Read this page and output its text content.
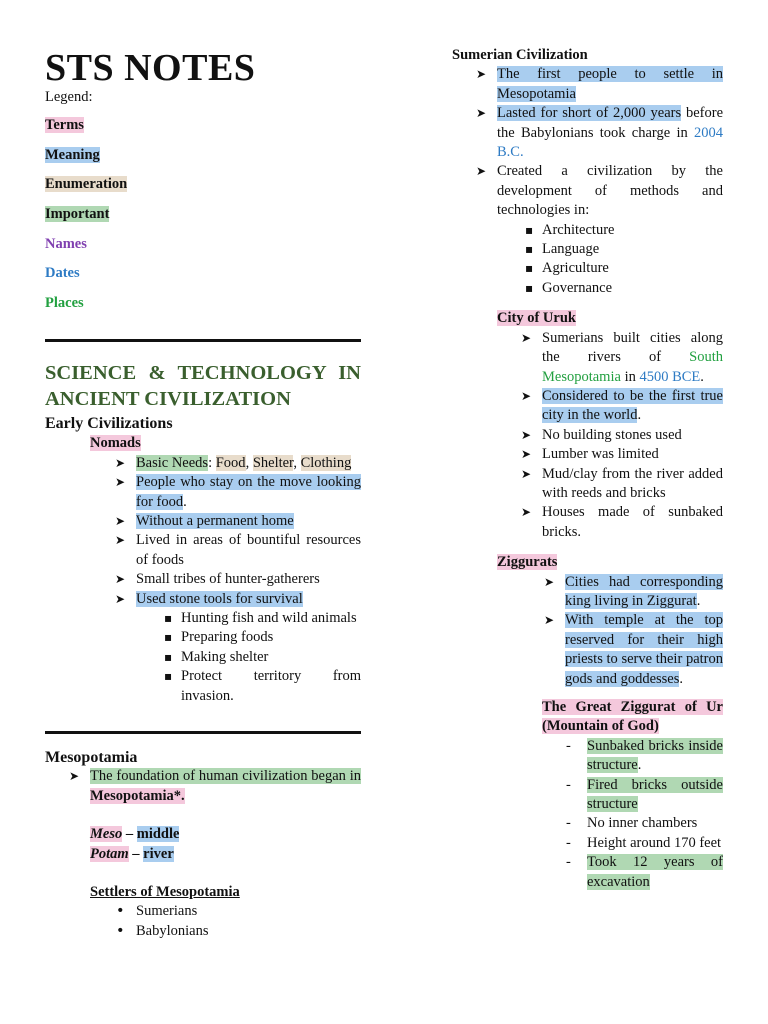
STS NOTES
Legend:
Terms
Meaning
Enumeration
Important
Names
Dates
Places
SCIENCE & TECHNOLOGY IN ANCIENT CIVILIZATION
Early Civilizations
Nomads
➤ Basic Needs: Food, Shelter, Clothing
➤ People who stay on the move looking for food.
➤ Without a permanent home
➤ Lived in areas of bountiful resources of foods
➤ Small tribes of hunter-gatherers
➤ Used stone tools for survival
▪ Hunting fish and wild animals
▪ Preparing foods
▪ Making shelter
▪ Protect territory from invasion.
Mesopotamia
➤ The foundation of human civilization began in Mesopotamia*.
Meso – middle
Potam – river
Settlers of Mesopotamia
• Sumerians
• Babylonians
Sumerian Civilization
➤ The first people to settle in Mesopotamia
➤ Lasted for short of 2,000 years before the Babylonians took charge in 2004 B.C.
➤ Created a civilization by the development of methods and technologies in:
▪ Architecture
▪ Language
▪ Agriculture
▪ Governance
City of Uruk
➤ Sumerians built cities along the rivers of South Mesopotamia in 4500 BCE.
➤ Considered to be the first true city in the world.
➤ No building stones used
➤ Lumber was limited
➤ Mud/clay from the river added with reeds and bricks
➤ Houses made of sunbaked bricks.
Ziggurats
➤ Cities had corresponding king living in Ziggurat.
➤ With temple at the top reserved for their high priests to serve their patron gods and goddesses.
The Great Ziggurat of Ur (Mountain of God)
- Sunbaked bricks inside structure.
- Fired bricks outside structure
- No inner chambers
- Height around 170 feet
- Took 12 years of excavation
